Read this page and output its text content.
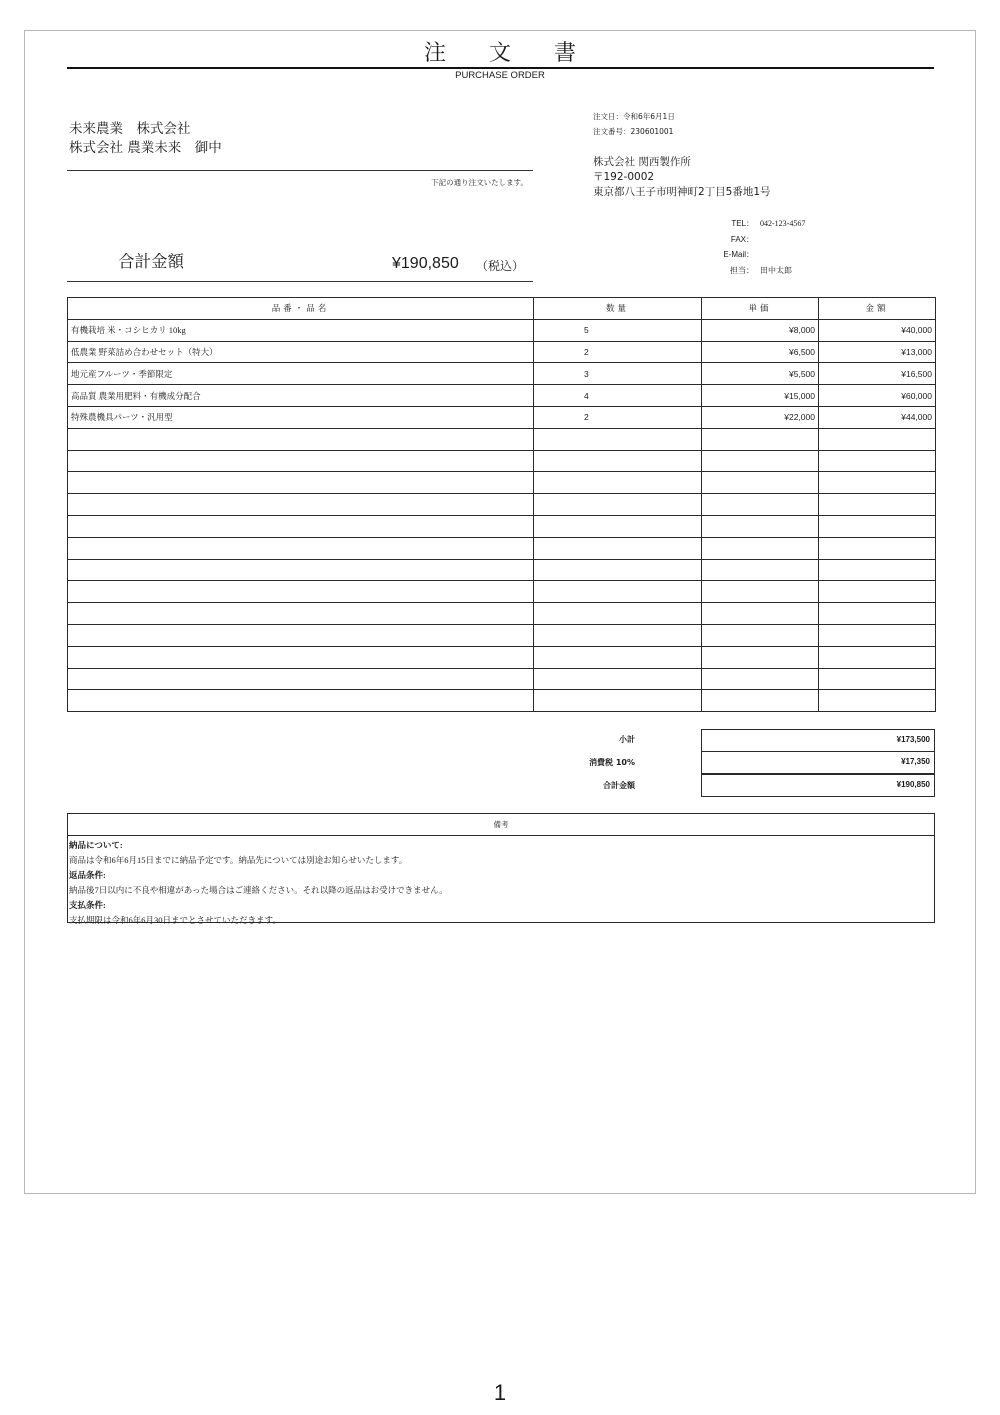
注 文 書
PURCHASE ORDER
未来農業　株式会社
株式会社 農業未来　御中
下記の通り注文いたします。
注文日：令和6年6月1日
注文番号：230601001
株式会社 関西製作所
〒192-0002
東京都八王子市明神町2丁目5番地1号
TEL： 042-123-4567
FAX：
E-Mail：
担当： 田中太郎
合計金額	¥190,850 （税込）
品番・品名	数量	単価	金額
有機栽培 米・コシヒカリ 10kg	5	¥8,000	¥40,000
低農業 野菜詰め合わせセット（特大）	2	¥6,500	¥13,000
地元産フルーツ・季節限定	3	¥5,500	¥16,500
高品質 農業用肥料・有機成分配合	4	¥15,000	¥60,000
特殊農機具パーツ・汎用型	2	¥22,000	¥44,000

小計	¥173,500
消費税 10%	¥17,350
合計金額	¥190,850
備考
納品について:
商品は令和6年6月15日までに納品予定です。納品先については別途お知らせいたします。
返品条件:
納品後7日以内に不良や相違があった場合はご連絡ください。それ以降の返品はお受けできません。
支払条件:
支払期限は令和6年6月30日までとさせていただきます。
1
